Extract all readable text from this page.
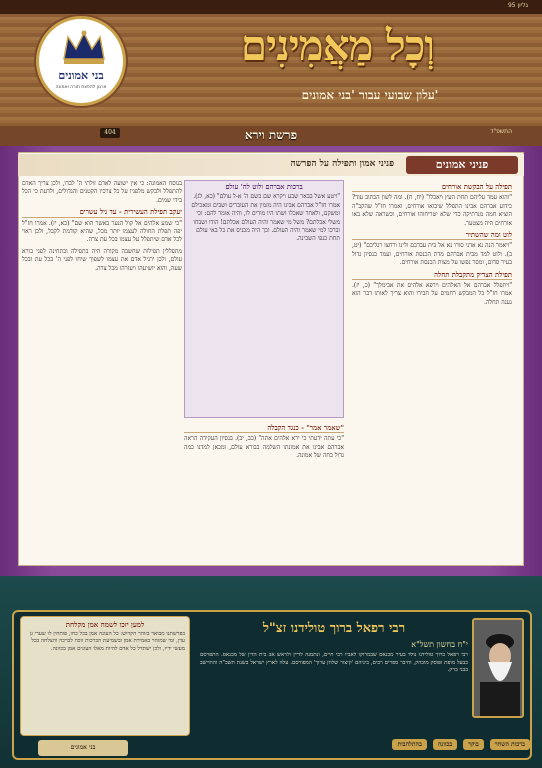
גליון 95
בני אמונים
ארגון להפצת תורה ואמונה
וְכָל מַאֲמִינִים
עלון שבועי עבור 'בני אמונים'
404	פרשת וירא	התשפ"ד
פניני אמונים
פניני אמון ותפילה על הפרשה
תפילה על הבקשת אורחים

"והוא עמד עליהם תחת העץ ויאכלו" (יח, ח). ומה לשון הכתוב עוד? כידוע אברהם אבינו התפלל שיבואו אורחים, ואמרו חז"ל שהקב"ה הוציא חמה מנרתיקה כדי שלא יטריחוהו אורחים, וכשראה שלא באו אורחים היה מצטער.

לוט ומה שהשתיר

"ויאמר הנה נא אדני סורו נא אל בית עבדכם ולינו ורחצו רגליכם" (יט, ב). ולוט למד מבית אברהם מדת הכנסת אורחים, ועמד בנסיון גדול בעיר סדום, ומסר נפשו על מצות הכנסת אורחים.

תפילת הצדיק מתקבלת תחלה

"ויתפלל אברהם אל האלהים וירפא אלהים את אבימלך" (כ, יז). אמרו חז"ל כל המבקש רחמים על חבירו והוא צריך לאותו דבר הוא נענה תחלה.

ברכות אברהם ולוט לה' עולם

"ויטע אשל בבאר שבע ויקרא שם בשם ה' א-ל עולם" (כא, לג). אמרו חז"ל אברהם אבינו היה מזמין את העוברים ושבים ומאכילם ומשקם, ולאחר שאכלו ושתו היו מודים לו, והיה אומר להם: וכי משלי אכלתם? משל מי שאמר והיה העולם אכלתם! הודו ושבחו וברכו למי שאמר והיה העולם. וכך היה מכניס את כל באי עולם תחת כנפי השכינה.

"שאמר אמר" - כנגד הקבלה

"כי עתה ידעתי כי ירא אלהים אתה" (כב, יב). בנסיון העקידה הראה אברהם אבינו את אמונתו השלמה בבורא עולם, ומכאן למדנו כמה גדול כחה של אמונה.

בנוסח האמונה: כי אין ישועה לאדם זולתי ה' לבדו, ולכן צריך האדם להתפלל ולבקש מלפניו על כל צרכיו הקטנים והגדולים, ולדעת כי הכל בידי שמים.

יעקב תפילת העשירית - עד ניל עשרים

"כי שמע אלהים אל קול הנער באשר הוא שם" (כא, יז). אמרו חז"ל יפה תפלת החולה לעצמו יותר מכל, שהיא קודמת לקבל, ולכן ראוי לכל אדם שיתפלל על עצמו בכל עת צרה.

מתפללין תפילות שחשבה מקורה היה בתפילה ובתחינה לפני בורא עולם, ולכן ירגיל אדם את עצמו לשפוך שיחו לפני ה' בכל עת ובכל שעה, והוא יושיעהו ויעזרהו מכל צרה.

למען יזכו לשמח אמן מקלחת

בפרשתנו מבואר בזוהר הקדוש: כל העונה אמן בכל כחו, פותחין לו שערי גן עדן, ומי שמזהר באמירת אמן ובשמיעת הברכות זוכה לברכה והצלחה בכל מעשי ידיו, ולכן ישתדל כל אדם להיות מאלו העונים אמן בכוונה.

רבי רפאל ברוך טולידנו זצ"ל
י"ח בחשון תשל"א
רבי רפאל ברוך טולידנו נולד בעיר מכנאס שבמרוקו לאביו רבי חיים, ונתמנה לדיין ולראש אב בית הדין של מכנאס. התפרסם כבעל מופת ופוסק מובהק, וחיבר ספרים רבים, ביניהם 'קיצור שלחן ערוך' המפורסם. עלה לארץ ישראל בשנת תשכ"ה והתיישב בבני ברק.
ברכות השחר
בוקר
בכוונה
בהתלהבות
בני אמונים
